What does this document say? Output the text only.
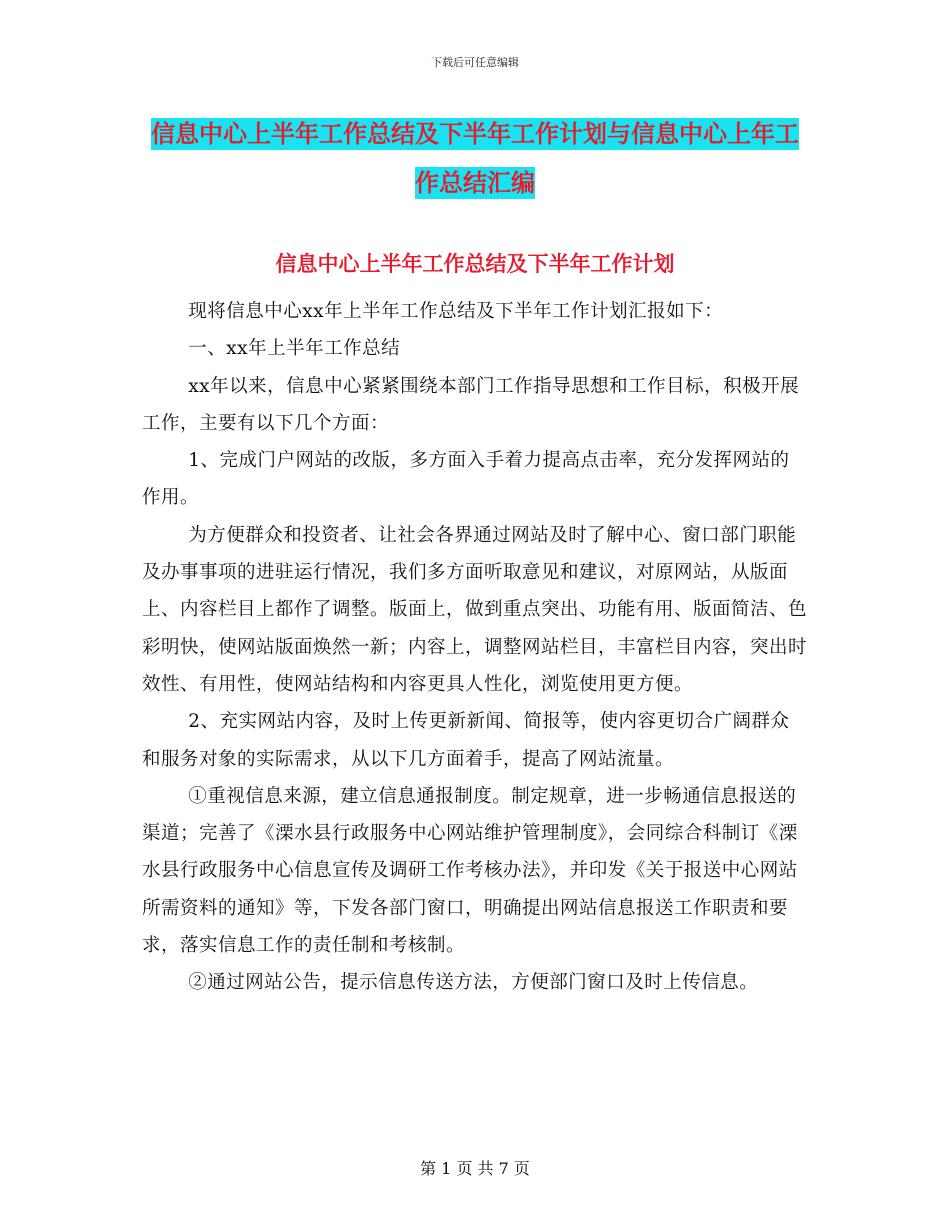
下载后可任意编辑
信息中心上半年工作总结及下半年工作计划与信息中心上年工作总结汇编
信息中心上半年工作总结及下半年工作计划

现将信息中心xx年上半年工作总结及下半年工作计划汇报如下：

一、xx年上半年工作总结

xx年以来，信息中心紧紧围绕本部门工作指导思想和工作目标，积极开展工作，主要有以下几个方面：

1、完成门户网站的改版，多方面入手着力提高点击率，充分发挥网站的作用。

为方便群众和投资者、让社会各界通过网站及时了解中心、窗口部门职能及办事事项的进驻运行情况，我们多方面听取意见和建议，对原网站，从版面上、内容栏目上都作了调整。版面上，做到重点突出、功能有用、版面简洁、色彩明快，使网站版面焕然一新；内容上，调整网站栏目，丰富栏目内容，突出时效性、有用性，使网站结构和内容更具人性化，浏览使用更方便。

2、充实网站内容，及时上传更新新闻、简报等，使内容更切合广阔群众和服务对象的实际需求，从以下几方面着手，提高了网站流量。

①重视信息来源，建立信息通报制度。制定规章，进一步畅通信息报送的渠道；完善了《溧水县行政服务中心网站维护管理制度》，会同综合科制订《溧水县行政服务中心信息宣传及调研工作考核办法》，并印发《关于报送中心网站所需资料的通知》等，下发各部门窗口，明确提出网站信息报送工作职责和要求，落实信息工作的责任制和考核制。

②通过网站公告，提示信息传送方法，方便部门窗口及时上传信息。

第 1 页 共 7 页
